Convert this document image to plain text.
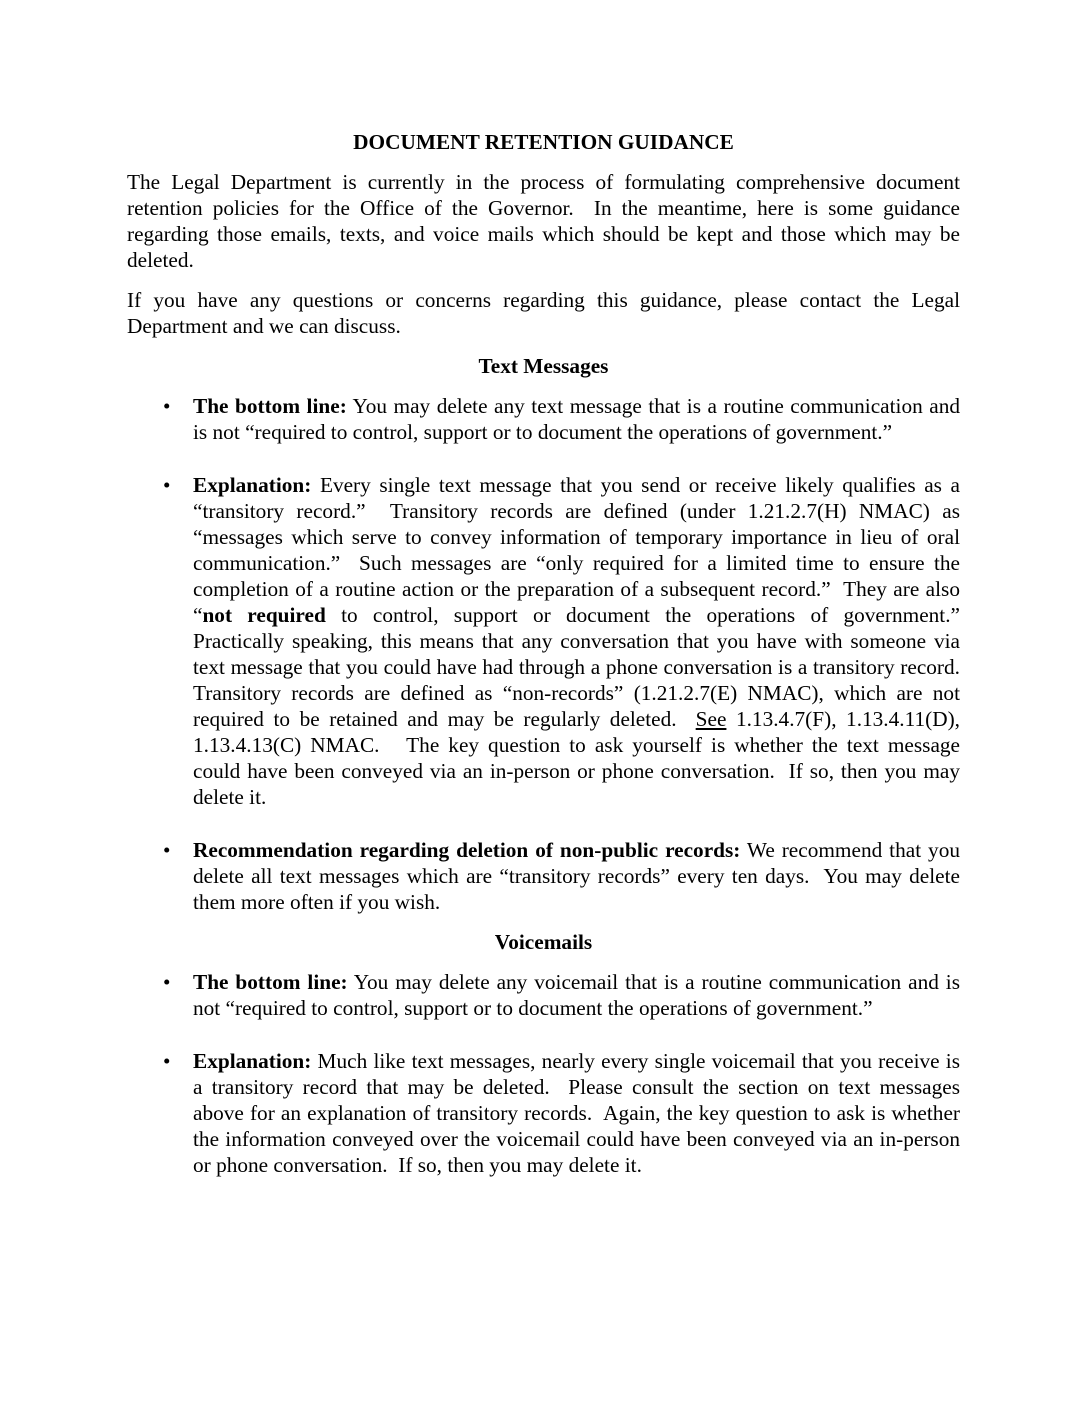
DOCUMENT RETENTION GUIDANCE

The Legal Department is currently in the process of formulating comprehensive document retention policies for the Office of the Governor.  In the meantime, here is some guidance regarding those emails, texts, and voice mails which should be kept and those which may be deleted.

If you have any questions or concerns regarding this guidance, please contact the Legal Department and we can discuss.

Text Messages
• The bottom line: You may delete any text message that is a routine communication and is not “required to control, support or to document the operations of government.”
• Explanation: Every single text message that you send or receive likely qualifies as a “transitory record.”  Transitory records are defined (under 1.21.2.7(H) NMAC) as “messages which serve to convey information of temporary importance in lieu of oral communication.”  Such messages are “only required for a limited time to ensure the completion of a routine action or the preparation of a subsequent record.”  They are also “not required to control, support or document the operations of government.”  Practically speaking, this means that any conversation that you have with someone via text message that you could have had through a phone conversation is a transitory record.  Transitory records are defined as “non-records” (1.21.2.7(E) NMAC), which are not required to be retained and may be regularly deleted.  See 1.13.4.7(F), 1.13.4.11(D), 1.13.4.13(C) NMAC.   The key question to ask yourself is whether the text message could have been conveyed via an in-person or phone conversation.  If so, then you may delete it.
• Recommendation regarding deletion of non-public records: We recommend that you delete all text messages which are “transitory records” every ten days.  You may delete them more often if you wish.
Voicemails
• The bottom line: You may delete any voicemail that is a routine communication and is not “required to control, support or to document the operations of government.”
• Explanation: Much like text messages, nearly every single voicemail that you receive is a transitory record that may be deleted.  Please consult the section on text messages above for an explanation of transitory records.  Again, the key question to ask is whether the information conveyed over the voicemail could have been conveyed via an in-person or phone conversation.  If so, then you may delete it.
